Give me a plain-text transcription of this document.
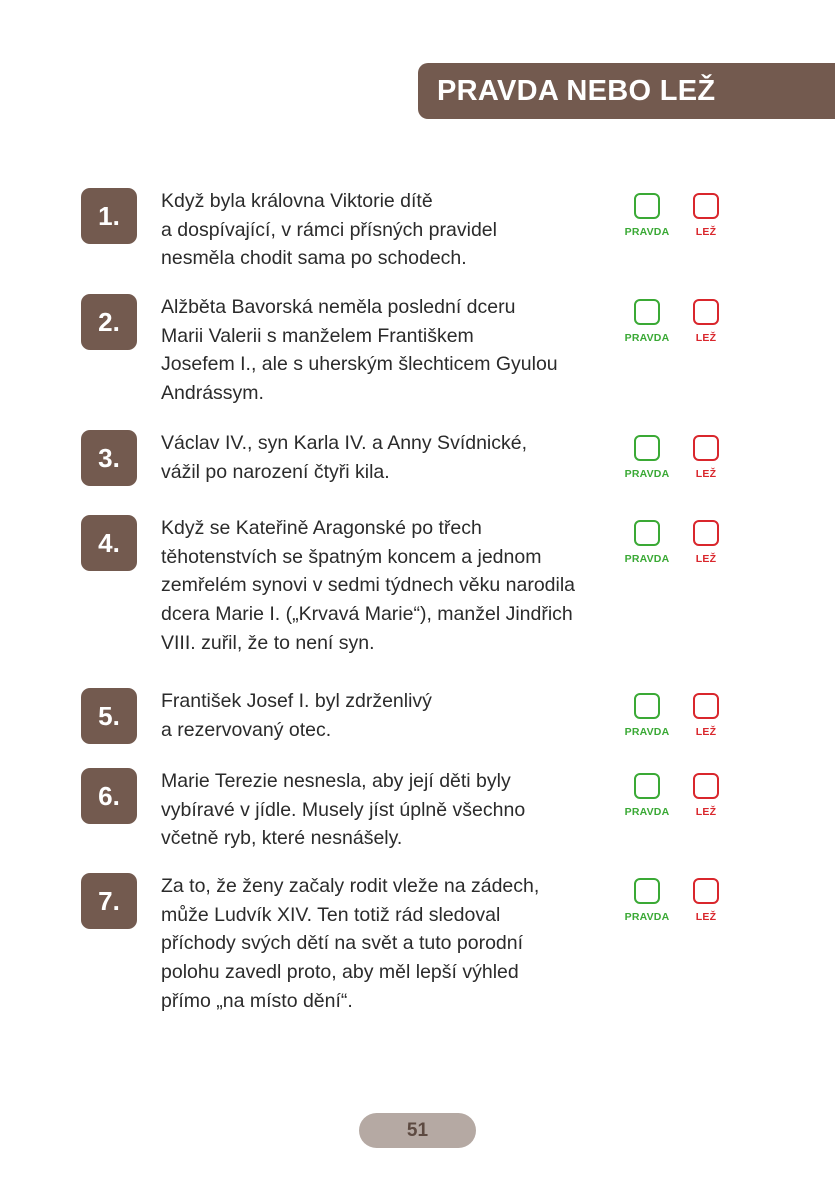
PRAVDA NEBO LEŽ
1.	Když byla královna Viktorie dítě
a dospívající, v rámci přísných pravidel
nesměla chodit sama po schodech.

PRAVDA	LEŽ
2.	Alžběta Bavorská neměla poslední dceru
Marii Valerii s manželem Františkem
Josefem I., ale s uherským šlechticem Gyulou
Andrássym.

PRAVDA	LEŽ
3.	Václav IV., syn Karla IV. a Anny Svídnické,
vážil po narození čtyři kila.	PRAVDA	LEŽ
4.	Když se Kateřině Aragonské po třech
těhotenstvích se špatným koncem a jednom
zemřelém synovi v sedmi týdnech věku narodila
dcera Marie I. („Krvavá Marie“), manžel Jindřich
VIII. zuřil, že to není syn.

PRAVDA	LEŽ
5.	František Josef I. byl zdrženlivý
a rezervovaný otec.	PRAVDA	LEŽ
6.	Marie Terezie nesnesla, aby její děti byly
vybíravé v jídle. Musely jíst úplně všechno
včetně ryb, které nesnášely.

PRAVDA	LEŽ
7.	Za to, že ženy začaly rodit vleže na zádech,
může Ludvík XIV. Ten totiž rád sledoval
příchody svých dětí na svět a tuto porodní
polohu zavedl proto, aby měl lepší výhled
přímo „na místo dění“.

PRAVDA	LEŽ
51
